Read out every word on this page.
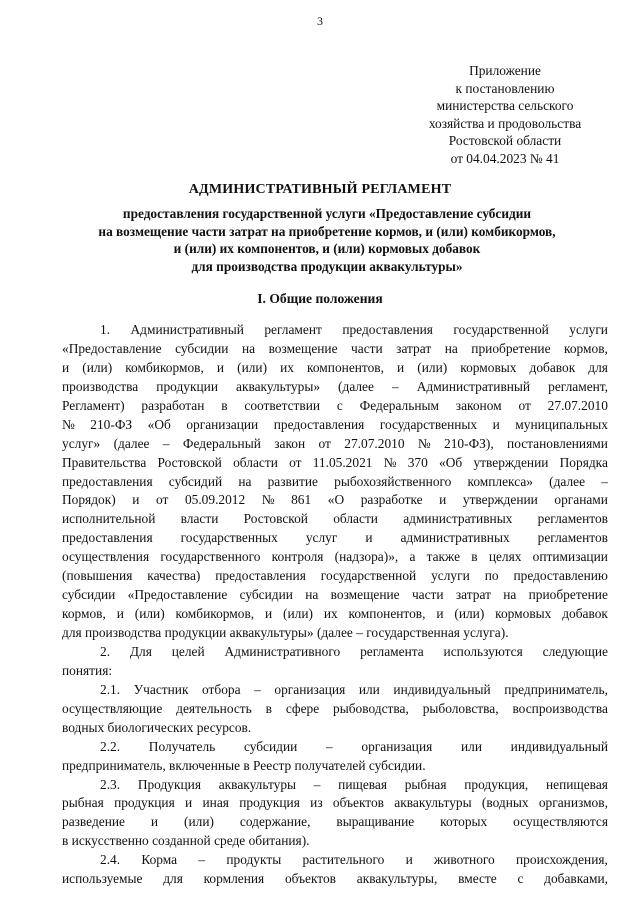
3
Приложение
к постановлению
министерства сельского
хозяйства и продовольства
Ростовской области
от 04.04.2023 № 41
АДМИНИСТРАТИВНЫЙ РЕГЛАМЕНТ
предоставления государственной услуги «Предоставление субсидии
на возмещение части затрат на приобретение кормов, и (или) комбикормов,
и (или) их компонентов, и (или) кормовых добавок
для производства продукции аквакультуры»
I. Общие положения
1. Административный регламент предоставления государственной услуги
«Предоставление субсидии на возмещение части затрат на приобретение кормов,
и (или) комбикормов, и (или) их компонентов, и (или) кормовых добавок для
производства продукции аквакультуры» (далее – Административный регламент,
Регламент) разработан в соответствии с Федеральным законом от 27.07.2010
№ 210-ФЗ «Об организации предоставления государственных и муниципальных
услуг» (далее – Федеральный закон от 27.07.2010 № 210-ФЗ), постановлениями
Правительства Ростовской области от 11.05.2021 № 370 «Об утверждении Порядка
предоставления субсидий на развитие рыбохозяйственного комплекса» (далее –
Порядок) и от 05.09.2012 № 861 «О разработке и утверждении органами
исполнительной власти Ростовской области административных регламентов
предоставления государственных услуг и административных регламентов
осуществления государственного контроля (надзора)», а также в целях оптимизации
(повышения качества) предоставления государственной услуги по предоставлению
субсидии «Предоставление субсидии на возмещение части затрат на приобретение
кормов, и (или) комбикормов, и (или) их компонентов, и (или) кормовых добавок
для производства продукции аквакультуры» (далее – государственная услуга).
2. Для целей Административного регламента используются следующие
понятия:
2.1. Участник отбора – организация или индивидуальный предприниматель,
осуществляющие деятельность в сфере рыбоводства, рыболовства, воспроизводства
водных биологических ресурсов.
2.2. Получатель субсидии – организация или индивидуальный
предприниматель, включенные в Реестр получателей субсидии.
2.3. Продукция аквакультуры – пищевая рыбная продукция, непищевая
рыбная продукция и иная продукция из объектов аквакультуры (водных организмов,
разведение и (или) содержание, выращивание которых осуществляются
в искусственно созданной среде обитания).
2.4. Корма – продукты растительного и животного происхождения,
используемые для кормления объектов аквакультуры, вместе с добавками,
